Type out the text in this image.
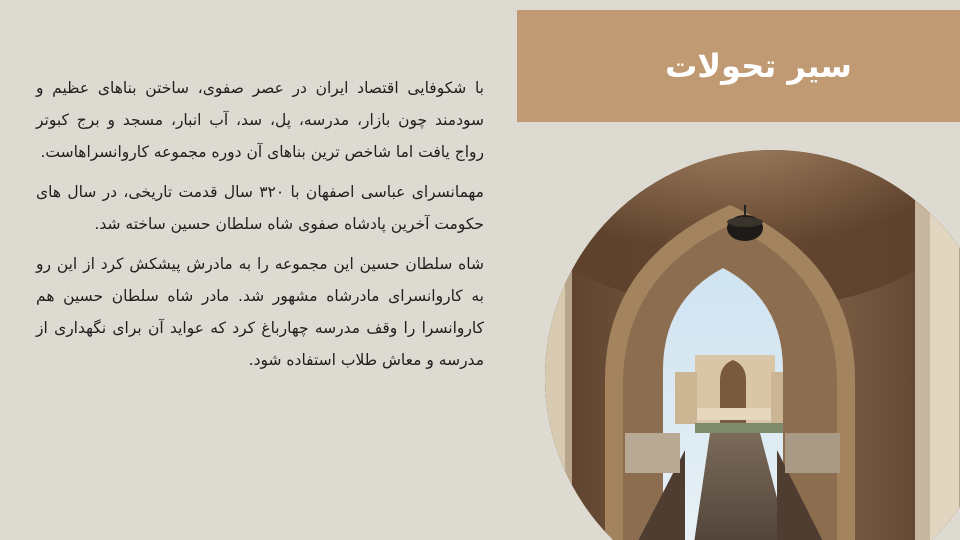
سیر تحولات

با شکوفایی اقتصاد ایران در عصر صفوی، ساختن بناهای عظیم و سودمند چون بازار، مدرسه، پل، سد، آب انبار، مسجد و برج کبوتر رواج یافت اما شاخص ترین بناهای آن دوره مجموعه کاروانسراهاست.

مهمانسرای عباسی اصفهان با ۳۲۰ سال قدمت تاریخی، در سال های حکومت آخرین پادشاه صفوی شاه سلطان حسین ساخته شد.

شاه سلطان حسین این مجموعه را به مادرش پیشکش کرد از این رو به کاروانسرای مادرشاه مشهور شد. مادر شاه سلطان حسین هم کاروانسرا را وقف مدرسه چهارباغ کرد که عواید آن برای نگهداری از مدرسه و معاش طلاب استفاده شود.
